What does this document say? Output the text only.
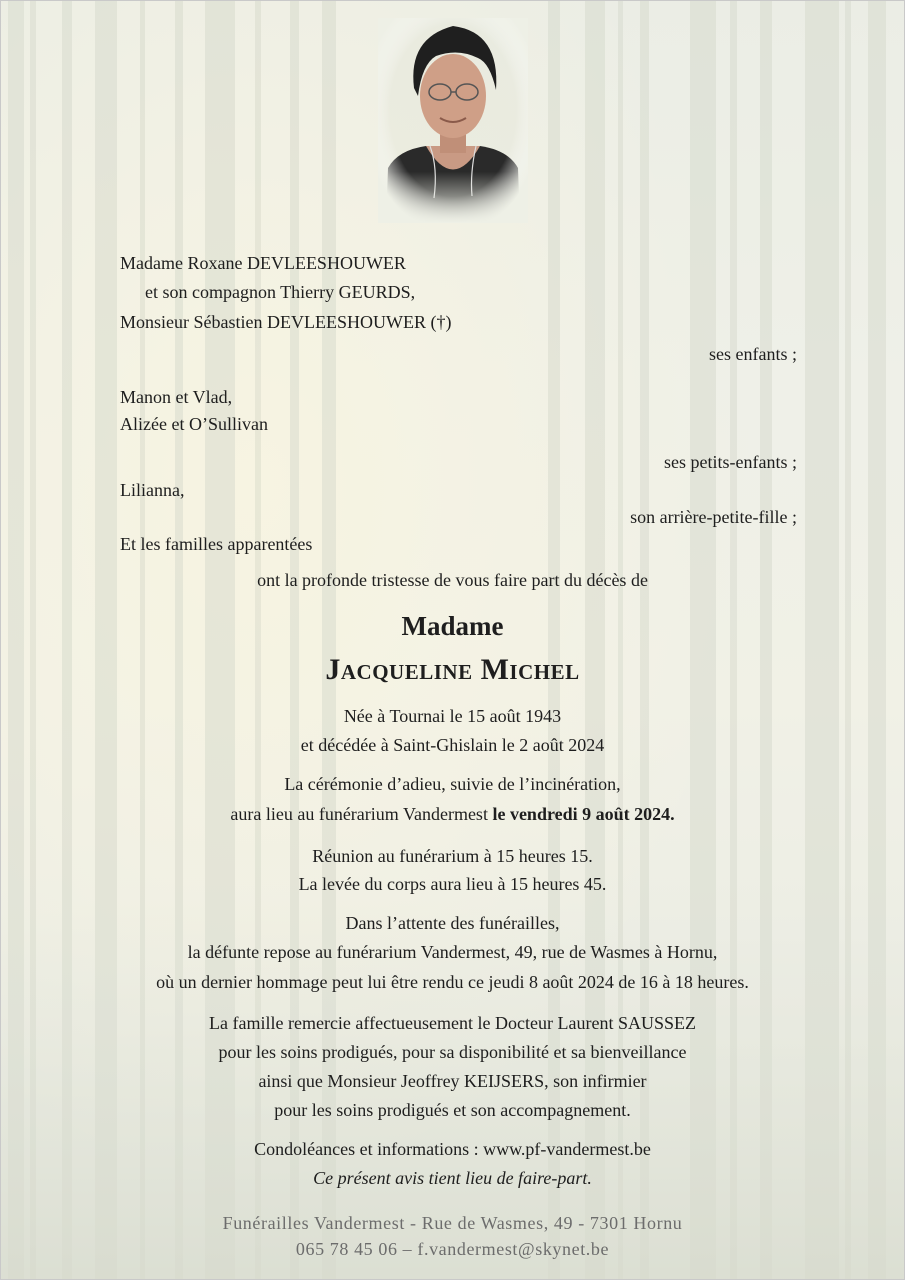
Madame Roxane DEVLEESHOUWER
et son compagnon Thierry GEURDS,
Monsieur Sébastien DEVLEESHOUWER (†)
ses enfants ;
Manon et Vlad,
Alizée et O’Sullivan
ses petits-enfants ;
Lilianna,
son arrière-petite-fille ;
Et les familles apparentées
ont la profonde tristesse de vous faire part du décès de
Madame
Jacqueline Michel
Née à Tournai le 15 août 1943
et décédée à Saint-Ghislain le 2 août 2024
La cérémonie d’adieu, suivie de l’incinération,
aura lieu au funérarium Vandermest le vendredi 9 août 2024.
Réunion au funérarium à 15 heures 15.
La levée du corps aura lieu à 15 heures 45.
Dans l’attente des funérailles,
la défunte repose au funérarium Vandermest, 49, rue de Wasmes à Hornu,
où un dernier hommage peut lui être rendu ce jeudi 8 août 2024 de 16 à 18 heures.
La famille remercie affectueusement le Docteur Laurent SAUSSEZ
pour les soins prodigués, pour sa disponibilité et sa bienveillance
ainsi que Monsieur Jeoffrey KEIJSERS, son infirmier
pour les soins prodigués et son accompagnement.
Condoléances et informations : www.pf-vandermest.be
Ce présent avis tient lieu de faire-part.
Funérailles Vandermest - Rue de Wasmes, 49 - 7301 Hornu
065 78 45 06 – f.vandermest@skynet.be
